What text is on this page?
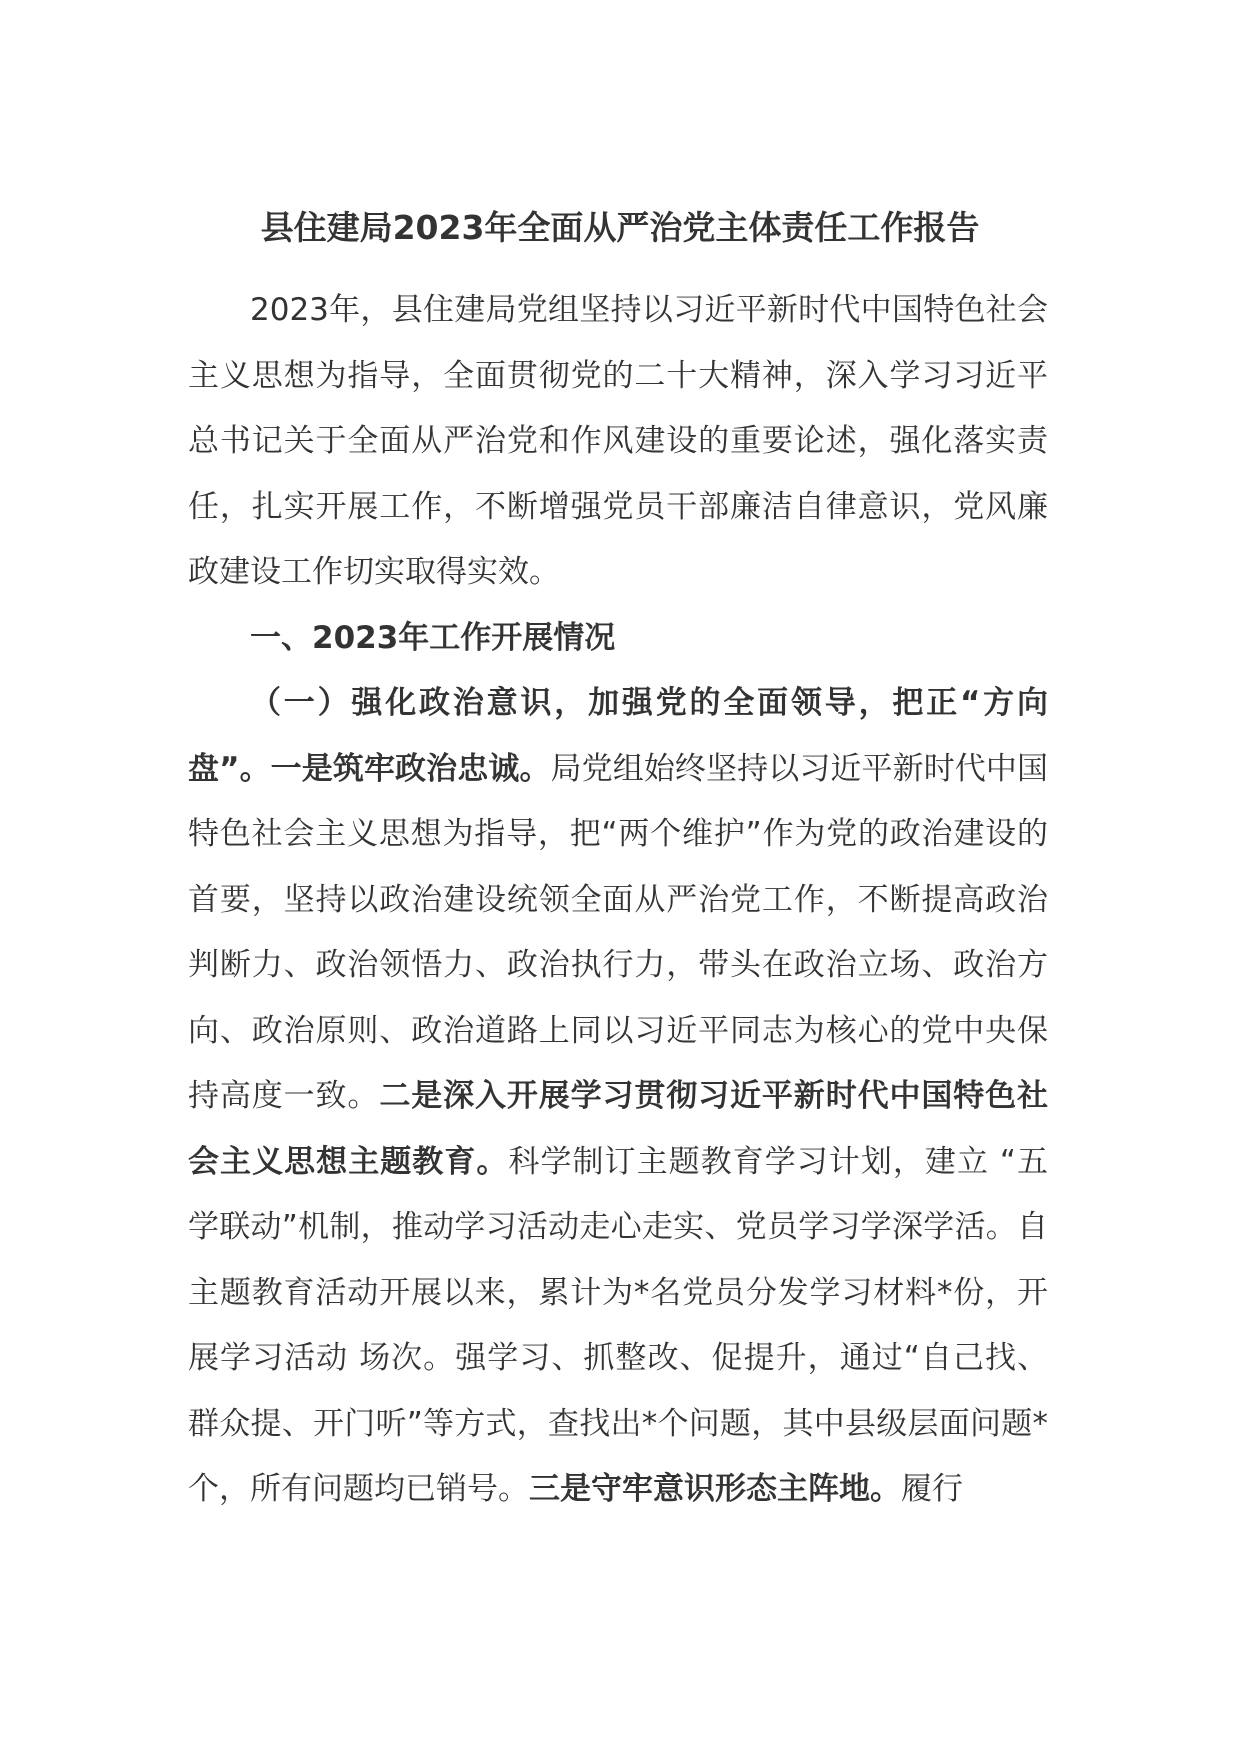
县住建局2023年全面从严治党主体责任工作报告

2023年，县住建局党组坚持以习近平新时代中国特色社会主义思想为指导，全面贯彻党的二十大精神，深入学习习近平总书记关于全面从严治党和作风建设的重要论述，强化落实责任，扎实开展工作，不断增强党员干部廉洁自律意识，党风廉政建设工作切实取得实效。

一、2023年工作开展情况

（一）强化政治意识，加强党的全面领导，把正“方向盘”。一是筑牢政治忠诚。局党组始终坚持以习近平新时代中国特色社会主义思想为指导，把“两个维护”作为党的政治建设的首要，坚持以政治建设统领全面从严治党工作，不断提高政治判断力、政治领悟力、政治执行力，带头在政治立场、政治方向、政治原则、政治道路上同以习近平同志为核心的党中央保持高度一致。二是深入开展学习贯彻习近平新时代中国特色社会主义思想主题教育。科学制订主题教育学习计划，建立 “五学联动”机制，推动学习活动走心走实、党员学习学深学活。自主题教育活动开展以来，累计为*名党员分发学习材料*份，开展学习活动 场次。强学习、抓整改、促提升，通过“自己找、群众提、开门听”等方式，查找出*个问题，其中县级层面问题*个，所有问题均已销号。三是守牢意识形态主阵地。履行
